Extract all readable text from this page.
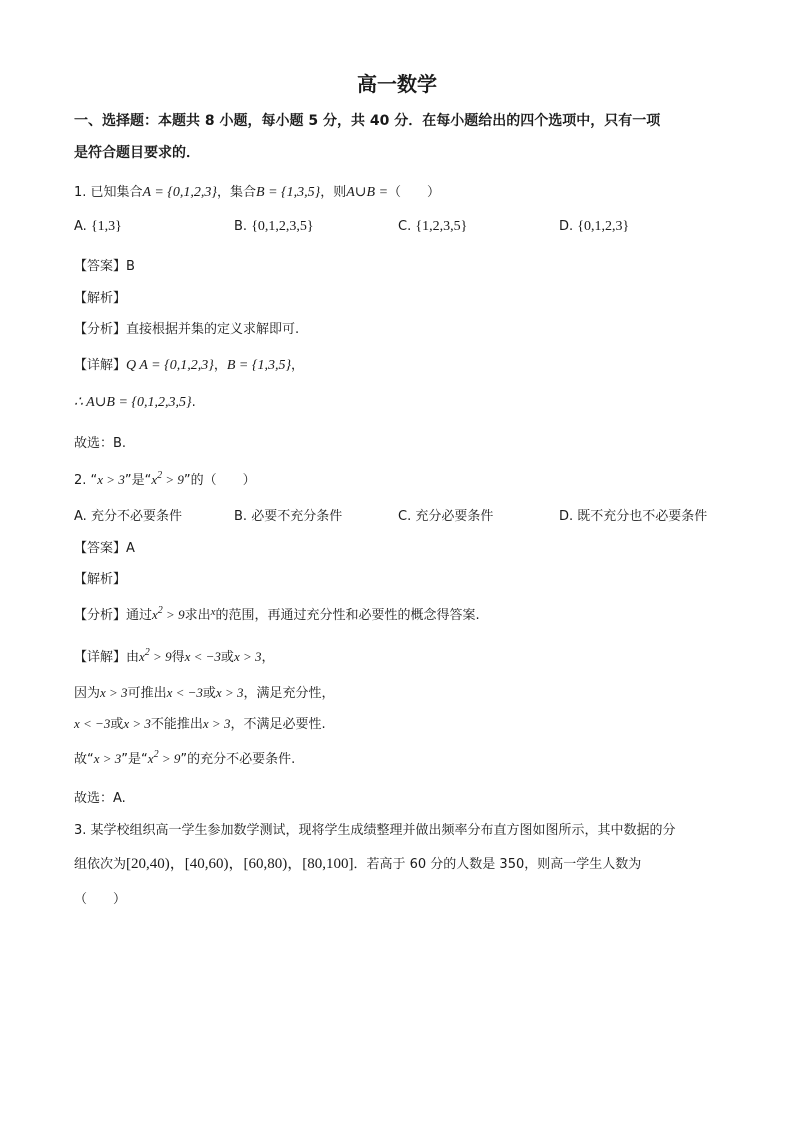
高一数学
一、选择题：本题共 8 小题，每小题 5 分，共 40 分．在每小题给出的四个选项中，只有一项
是符合题目要求的．
1. 已知集合A = {0,1,2,3}，集合B = {1,3,5}，则A∪B =（　　）
A. {1,3}	B. {0,1,2,3,5}	C. {1,2,3,5}	D. {0,1,2,3}
【答案】B
【解析】
【分析】直接根据并集的定义求解即可.
【详解】Q A = {0,1,2,3}，B = {1,3,5}，
∴ A∪B = {0,1,2,3,5}.
故选：B.
2. “x > 3”是“$x^2 > 9$”的（　　）
A. 充分不必要条件	B. 必要不充分条件	C. 充分必要条件	D. 既不充分也不必要条件
【答案】A
【解析】
【分析】通过$x^2 > 9$求出$^x$的范围，再通过充分性和必要性的概念得答案.
【详解】由$x^2 > 9$得x < −3或x > 3，
因为x > 3可推出x < −3或x > 3，满足充分性，
x < −3或x > 3不能推出x > 3，不满足必要性.
故“x > 3”是“$x^2 > 9$”的充分不必要条件.
故选：A.
3. 某学校组织高一学生参加数学测试，现将学生成绩整理并做出频率分布直方图如图所示，其中数据的分
组依次为[20,40)，[40,60)，[60,80)，[80,100]．若高于 60 分的人数是 350，则高一学生人数为
（　　）
